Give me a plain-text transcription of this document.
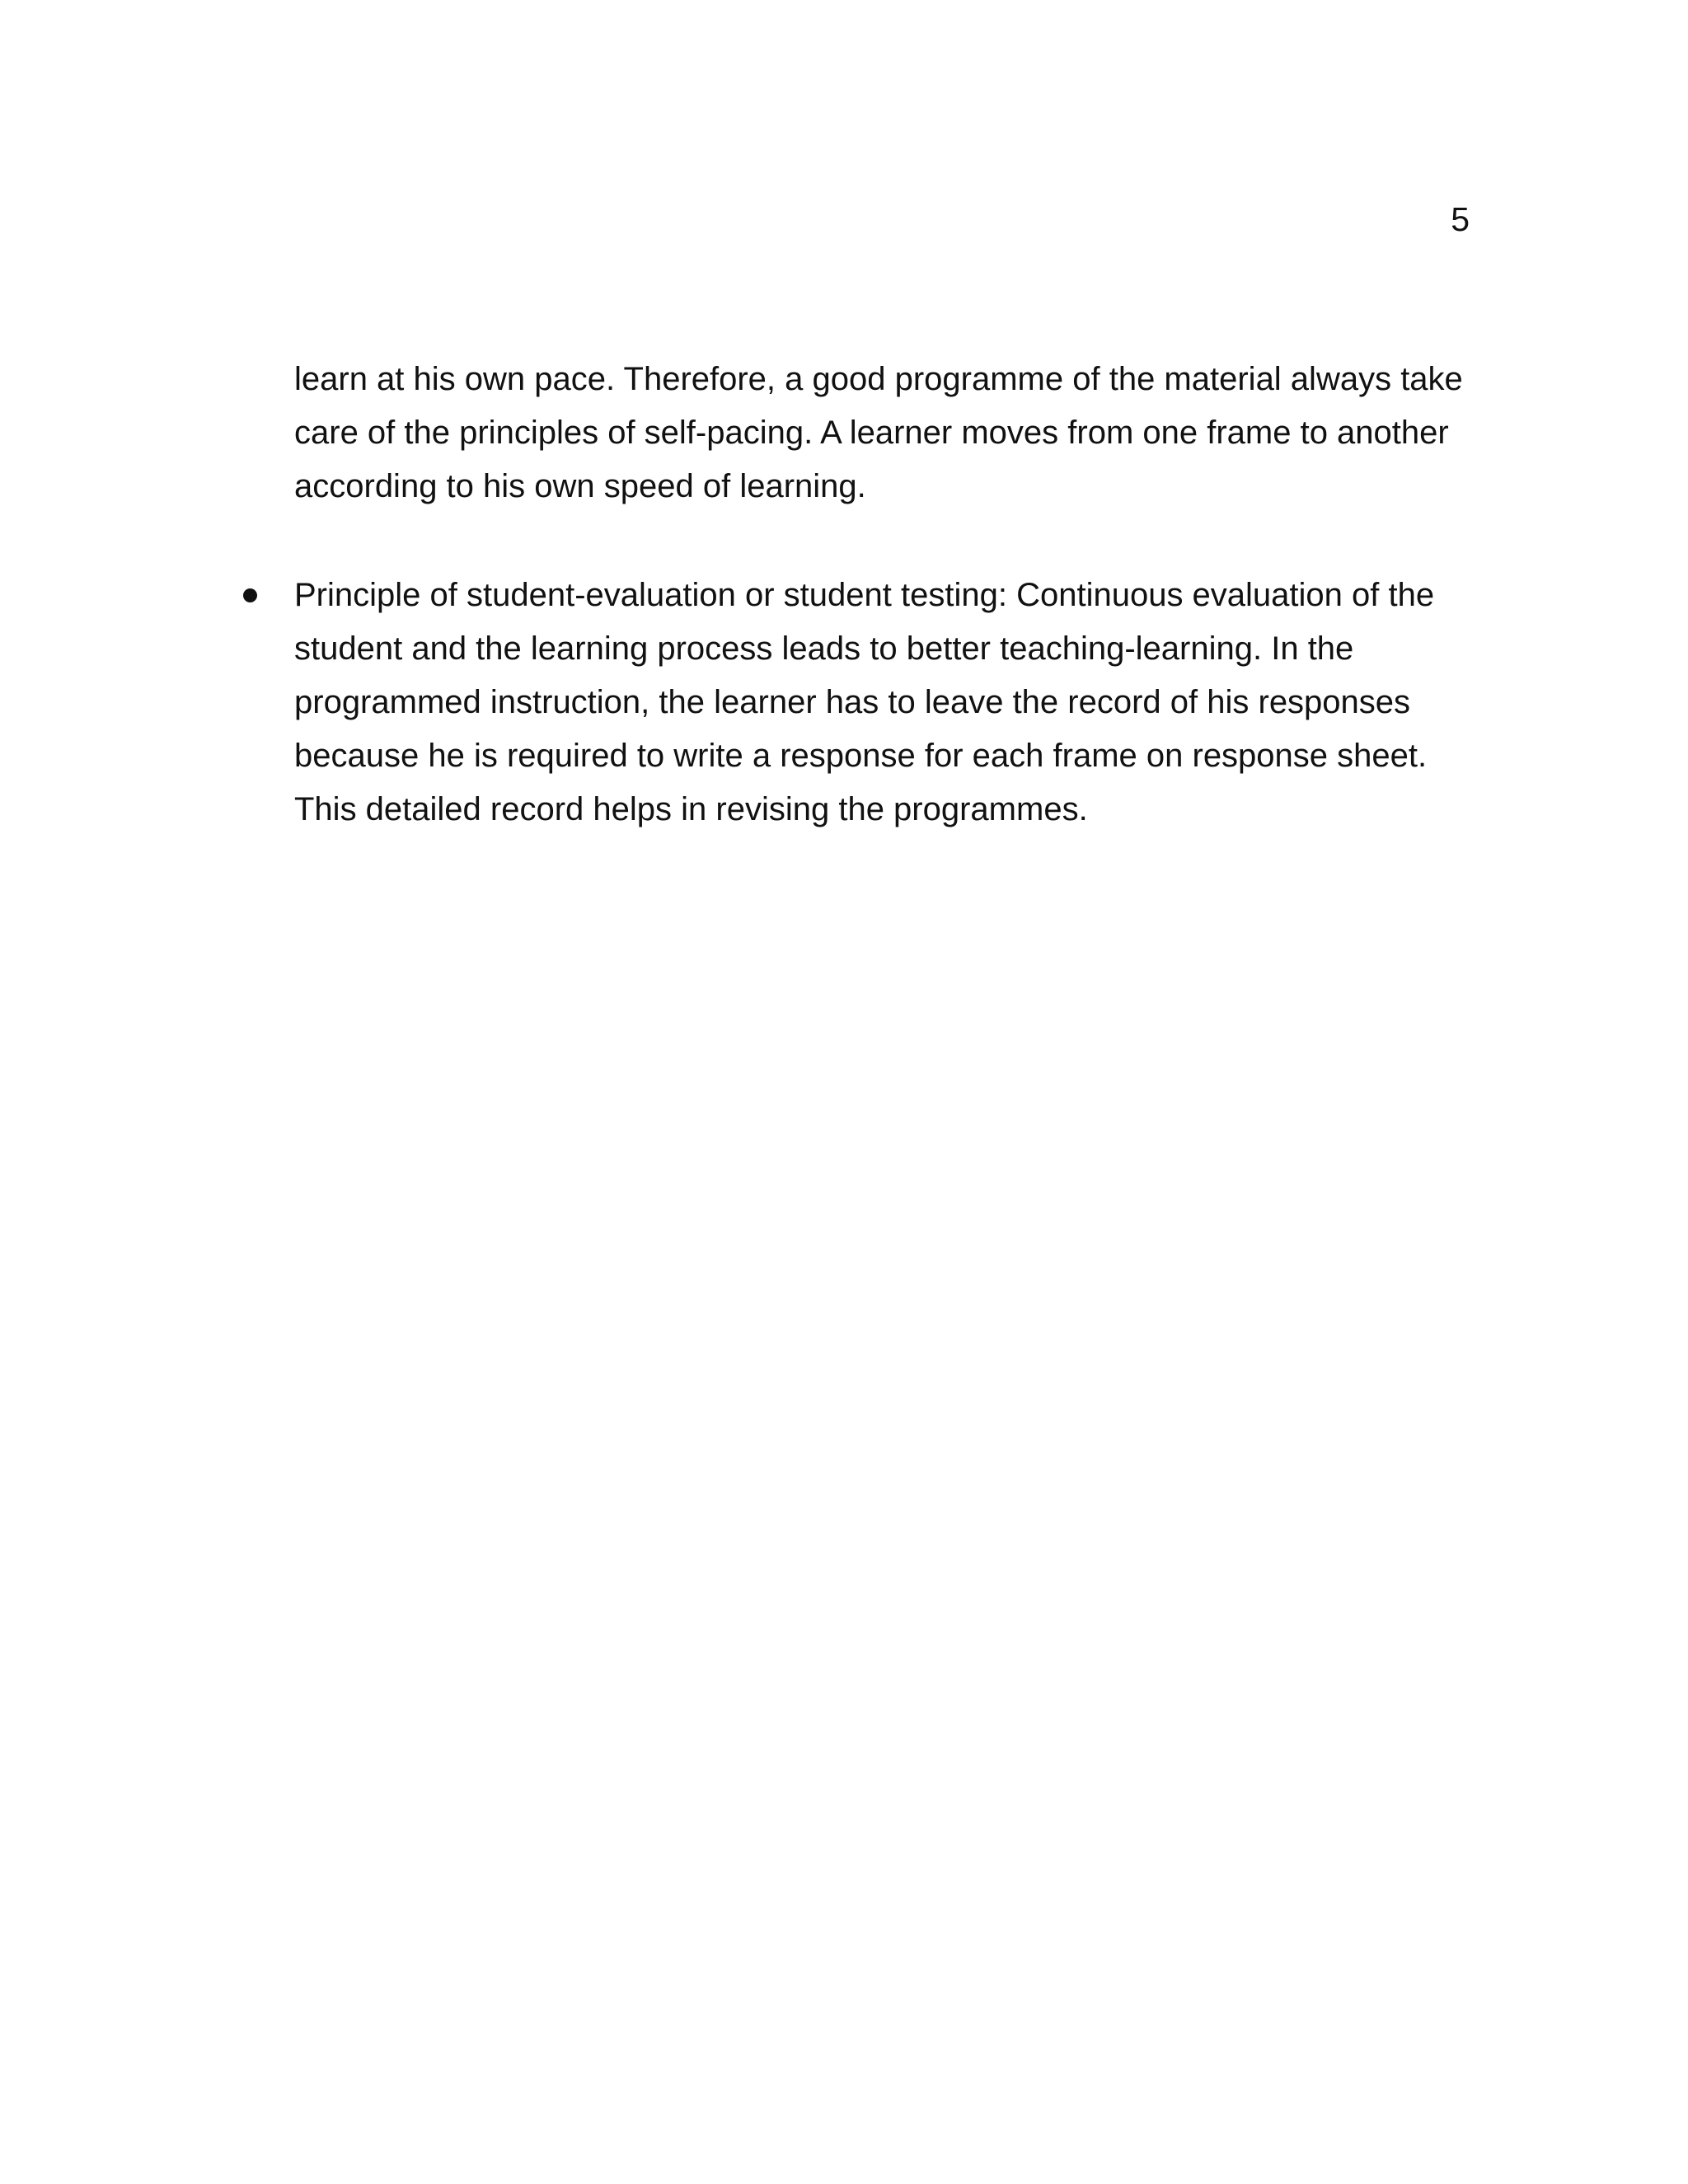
5

learn at his own pace. Therefore, a good programme of the material always take care of the principles of self-pacing. A learner moves from one frame to another according to his own speed of learning.

Principle of student-evaluation or student testing: Continuous evaluation of the student and the learning process leads to better teaching-learning. In the programmed instruction, the learner has to leave the record of his responses because he is required to write a response for each frame on response sheet. This detailed record helps in revising the programmes.
